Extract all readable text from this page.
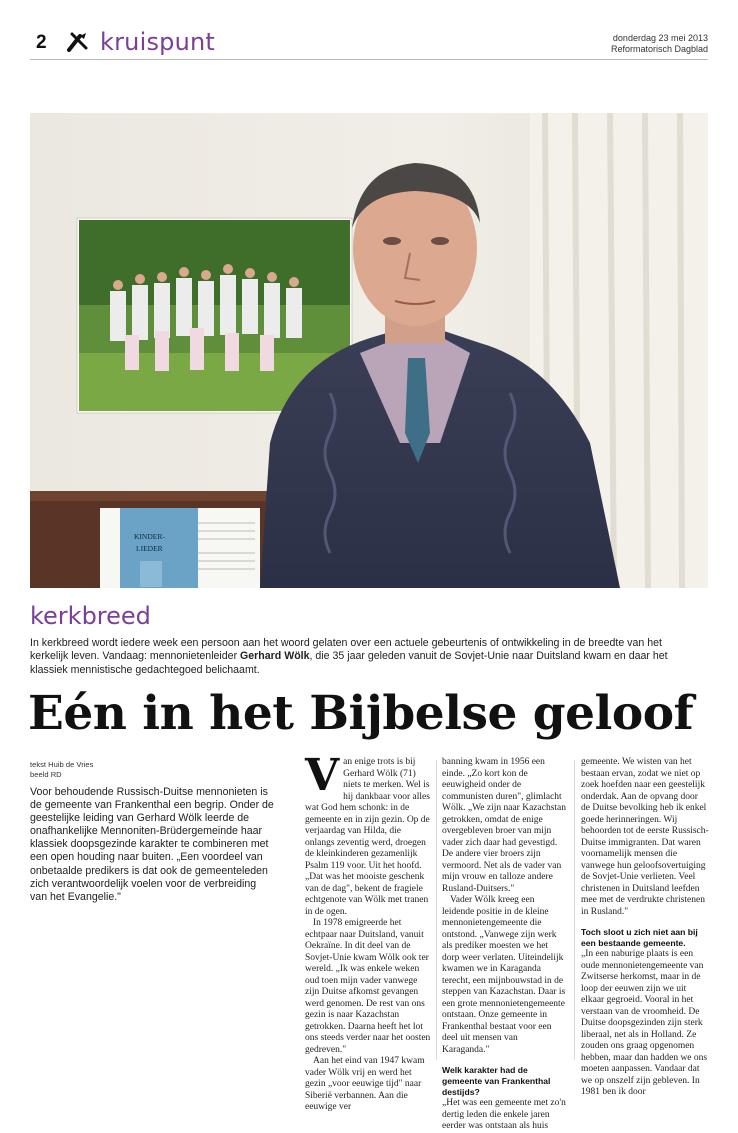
2 kruispunt	donderdag 23 mei 2013
Reformatorisch Dagblad
KINDER-
LIEDER
kerkbreed

In kerkbreed wordt iedere week een persoon aan het woord gelaten over een actuele gebeurtenis of ontwikkeling in de breedte van het kerkelijk leven. Vandaag: mennonietenleider Gerhard Wölk, die 35 jaar geleden vanuit de Sovjet-Unie naar Duitsland kwam en daar het klassiek mennistische gedachtegoed belichaamt.

Eén in het Bijbelse geloof
tekst Huib de Vries
beeld RD

Voor behoudende Russisch-Duitse mennonieten is de gemeente van Frankenthal een begrip. Onder de geestelijke leiding van Gerhard Wölk leerde de onafhankelijke Mennoniten-Brüdergemeinde haar klassiek doopsgezinde karakter te combineren met een open houding naar buiten. „Een voordeel van onbetaalde predikers is dat ook de gemeenteleden zich verantwoordelijk voelen voor de verbreiding van het Evangelie."

V an enige trots is bij Gerhard Wölk (71) niets te merken. Wel is hij dankbaar voor alles wat God hem schonk: in de gemeente en in zijn gezin. Op de verjaardag van Hilda, die onlangs zeventig werd, droegen de kleinkinderen gezamenlijk Psalm 119 voor. Uit het hoofd. „Dat was het mooiste geschenk van de dag", bekent de fragiele echtgenote van Wölk met tranen in de ogen.

In 1978 emigreerde het echtpaar naar Duitsland, vanuit Oekraïne. In dit deel van de Sovjet-Unie kwam Wölk ook ter wereld. „Ik was enkele weken oud toen mijn vader vanwege zijn Duitse afkomst gevangen werd genomen. De rest van ons gezin is naar Kazachstan getrokken. Daarna heeft het lot ons steeds verder naar het oosten gedreven."

Aan het eind van 1947 kwam vader Wölk vrij en werd het gezin „voor eeuwige tijd" naar Siberië verbannen. Aan die eeuwige ver

banning kwam in 1956 een einde. „Zo kort kon de eeuwigheid onder de communisten duren", glimlacht Wölk. „We zijn naar Kazachstan getrokken, omdat de enige overgebleven broer van mijn vader zich daar had gevestigd. De andere vier broers zijn vermoord. Net als de vader van mijn vrouw en talloze andere Rusland-Duitsers."

Vader Wölk kreeg een leidende positie in de kleine mennonietengemeente die ontstond. „Vanwege zijn werk als prediker moesten we het dorp weer verlaten. Uiteindelijk kwamen we in Karaganda terecht, een mijnbouwstad in de steppen van Kazachstan. Daar is een grote mennonietengemeente ontstaan. Onze gemeente in Frankenthal bestaat voor een deel uit mensen van Karaganda."

Welk karakter had de gemeente van Frankenthal destijds?

„Het was een gemeente met zo'n dertig leden die enkele jaren eerder was ontstaan als huis

gemeente. We wisten van het bestaan ervan, zodat we niet op zoek hoefden naar een geestelijk onderdak. Aan de opvang door de Duitse bevolking heb ik enkel goede herinneringen. Wij behoorden tot de eerste Russisch-Duitse immigranten. Dat waren voornamelijk mensen die vanwege hun geloofsovertuiging de Sovjet-Unie verlieten. Veel christenen in Duitsland leefden mee met de verdrukte christenen in Rusland."

Toch sloot u zich niet aan bij een bestaande gemeente.

„In een naburige plaats is een oude mennonietengemeente van Zwitserse herkomst, maar in de loop der eeuwen zijn we uit elkaar gegroeid. Vooral in het verstaan van de vroomheid. De Duitse doopsgezinden zijn sterk liberaal, net als in Holland. Ze zouden ons graag opgenomen hebben, maar dan hadden we ons moeten aanpassen. Vandaar dat we op onszelf zijn gebleven. In 1981 ben ik door
